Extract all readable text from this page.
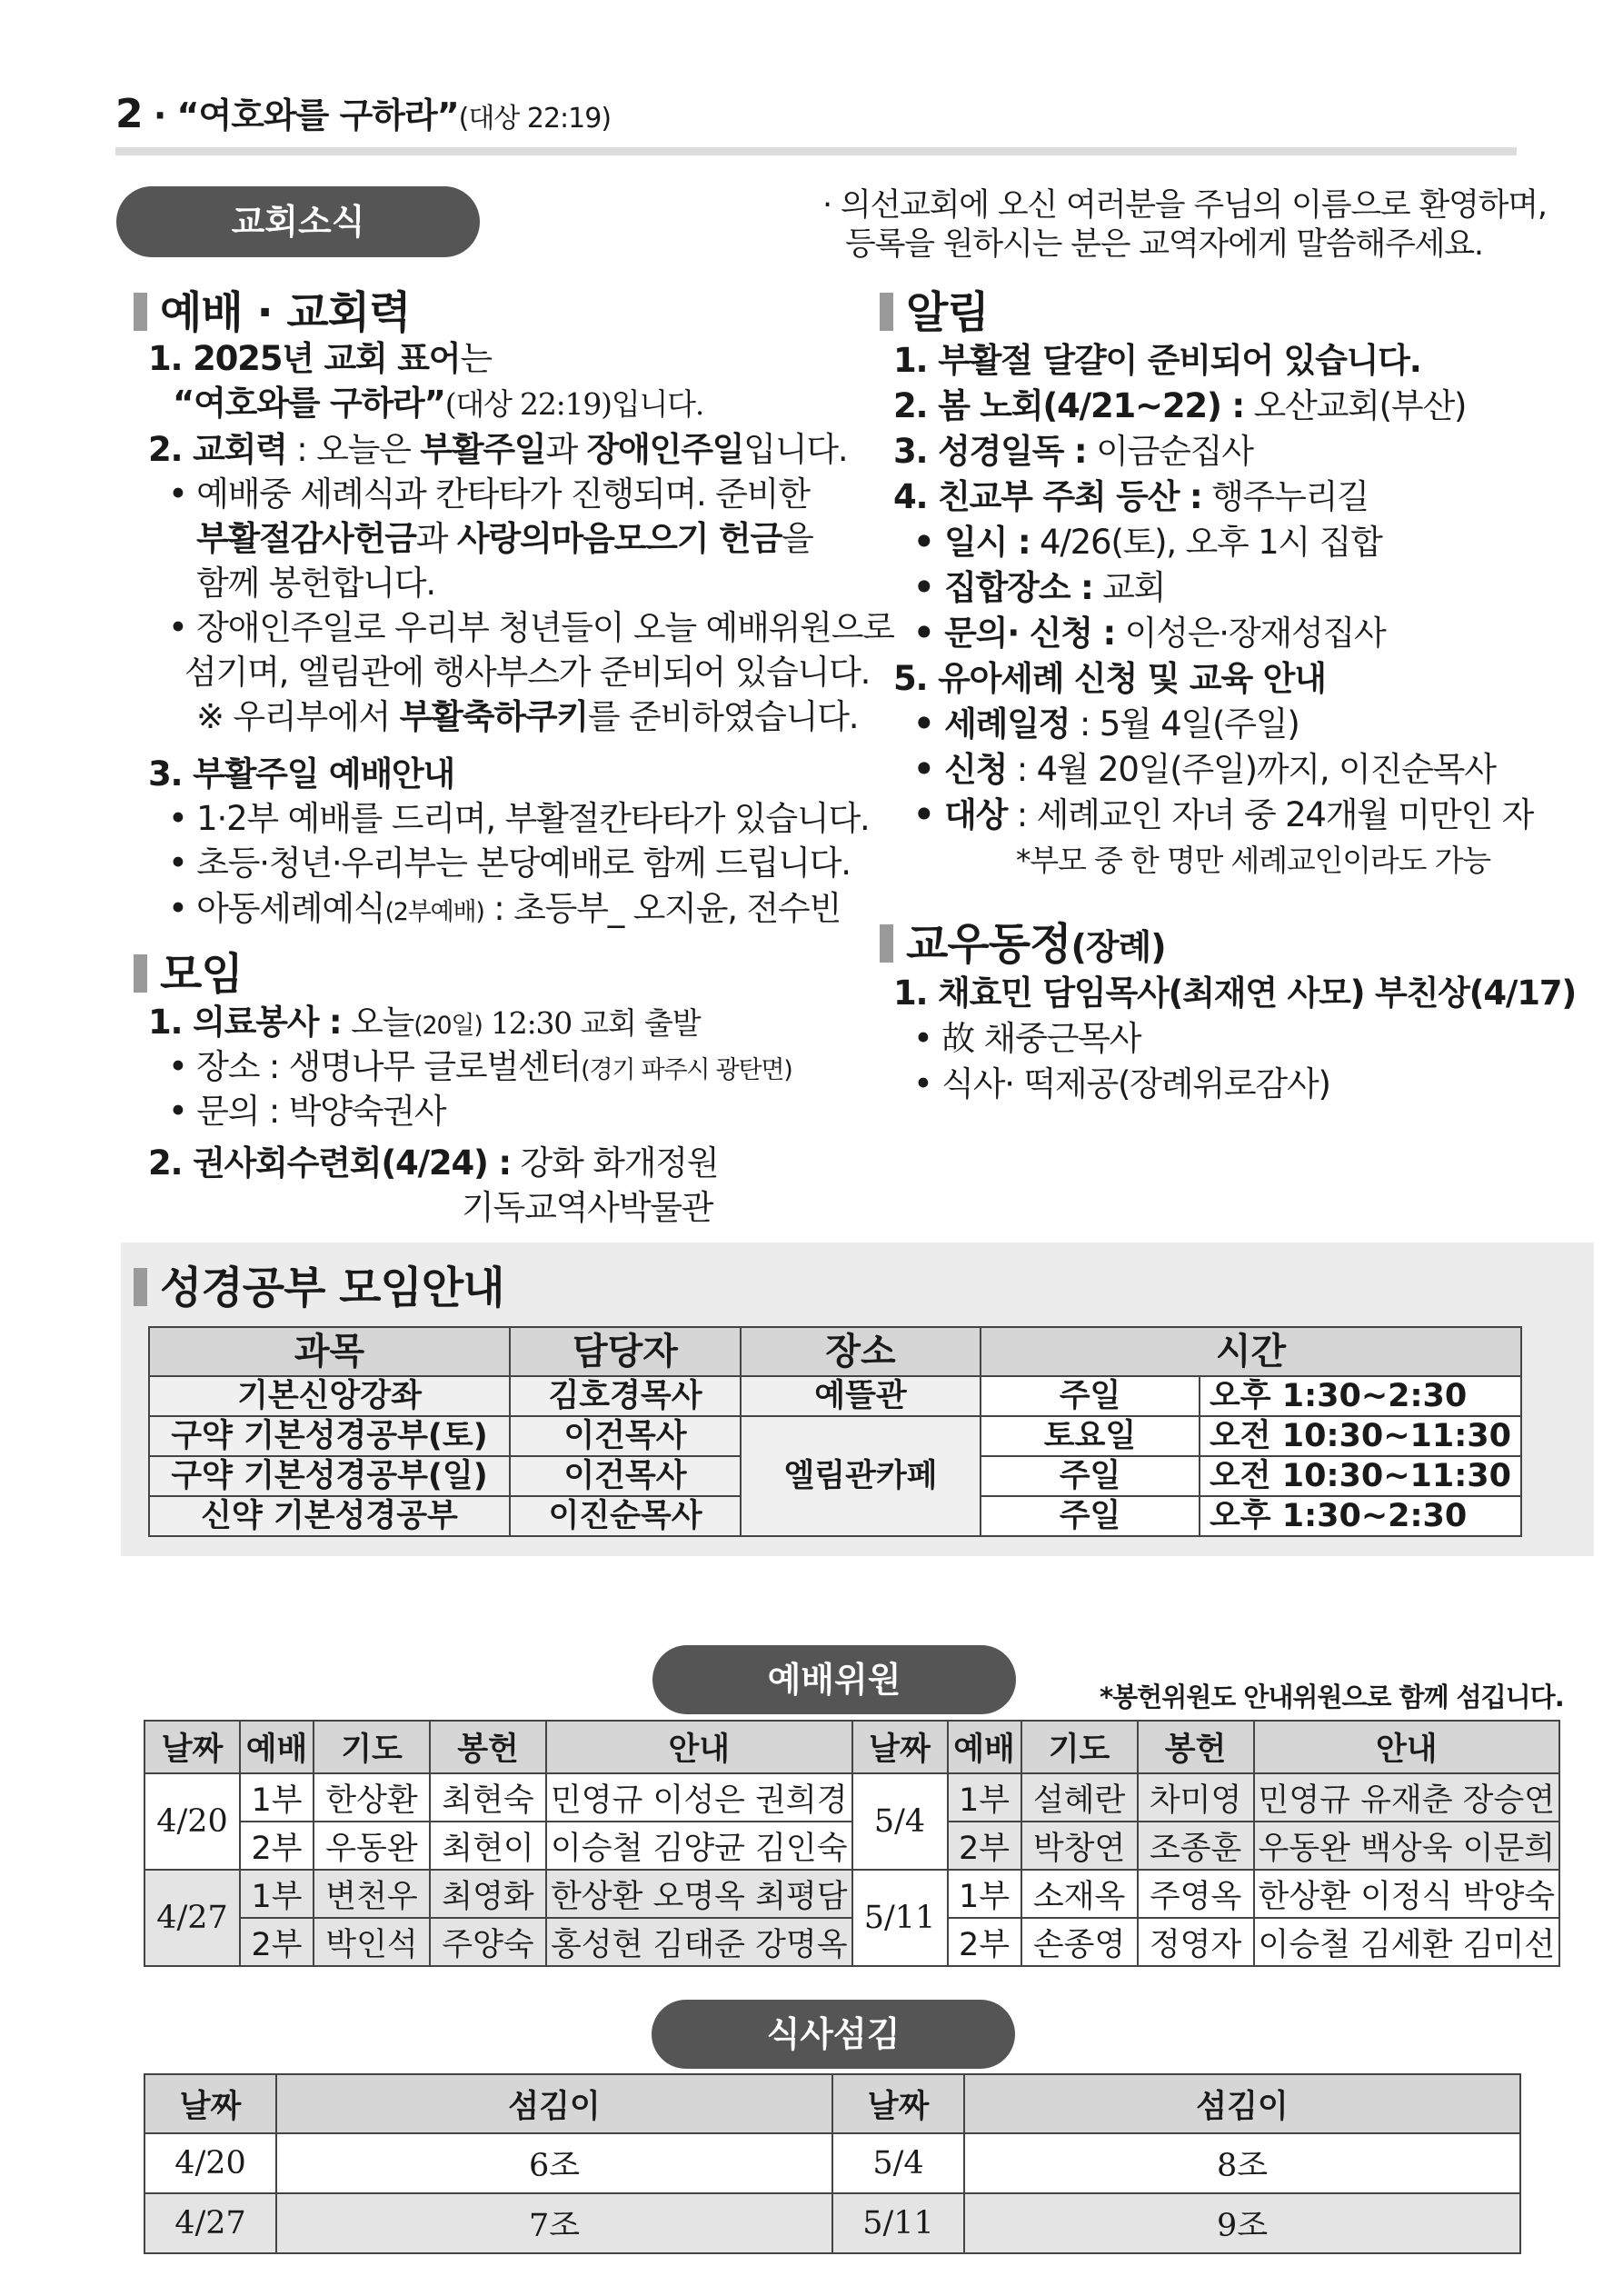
2 · “여호와를 구하라”(대상 22:19)
교회소식	· 의선교회에 오신 여러분을 주님의 이름으로 환영하며,
등록을 원하시는 분은 교역자에게 말씀해주세요.
예배 · 교회력
1. 2025년 교회 표어는
“여호와를 구하라”(대상 22:19)입니다.
2. 교회력 : 오늘은 부활주일과 장애인주일입니다.
• 예배중 세례식과 칸타타가 진행되며. 준비한
부활절감사헌금과 사랑의마음모으기 헌금을
함께 봉헌합니다.
• 장애인주일로 우리부 청년들이 오늘 예배위원으로
섬기며, 엘림관에 행사부스가 준비되어 있습니다.
※ 우리부에서 부활축하쿠키를 준비하였습니다.
3. 부활주일 예배안내
• 1·2부 예배를 드리며, 부활절칸타타가 있습니다.
• 초등·청년·우리부는 본당예배로 함께 드립니다.
• 아동세례예식(2부예배) : 초등부_ 오지윤, 전수빈
모임
1. 의료봉사 : 오늘(20일) 12:30 교회 출발
• 장소 : 생명나무 글로벌센터(경기 파주시 광탄면)
• 문의 : 박양숙권사
2. 권사회수련회(4/24) : 강화 화개정원
기독교역사박물관
알림
1. 부활절 달걀이 준비되어 있습니다.
2. 봄 노회(4/21~22) : 오산교회(부산)
3. 성경일독 : 이금순집사
4. 친교부 주최 등산 : 행주누리길
• 일시 : 4/26(토), 오후 1시 집합
• 집합장소 : 교회
• 문의· 신청 : 이성은·장재성집사
5. 유아세례 신청 및 교육 안내
• 세례일정 : 5월 4일(주일)
• 신청 : 4월 20일(주일)까지, 이진순목사
• 대상 : 세례교인 자녀 중 24개월 미만인 자
*부모 중 한 명만 세례교인이라도 가능
교우동정(장례)
1. 채효민 담임목사(최재연 사모) 부친상(4/17)
• 故 채중근목사
• 식사· 떡제공(장례위로감사)
성경공부 모임안내
과목	담당자	장소	시간	
기본신앙강좌	김호경목사	예뜰관	주일	오후 1:30~2:30
구약 기본성경공부(토)	이건목사	엘림관카페	토요일	오전 10:30~11:30
구약 기본성경공부(일)	이건목사		주일	오전 10:30~11:30
신약 기본성경공부	이진순목사		주일	오후 1:30~2:30
예배위원	*봉헌위원도 안내위원으로 함께 섬깁니다.
날짜	예배	기도	봉헌	안내	날짜	예배	기도	봉헌	안내
4/20	1부	한상환	최현숙	민영규 이성은 권희경	5/4	1부	설혜란	차미영	민영규 유재춘 장승연
	2부	우동완	최현이	이승철 김양균 김인숙		2부	박창연	조종훈	우동완 백상욱 이문희
4/27	1부	변천우	최영화	한상환 오명옥 최평담	5/11	1부	소재옥	주영옥	한상환 이정식 박양숙
	2부	박인석	주양숙	홍성현 김태준 강명옥		2부	손종영	정영자	이승철 김세환 김미선
식사섬김
날짜	섬김이	날짜	섬김이
4/20	6조	5/4	8조
4/27	7조	5/11	9조
